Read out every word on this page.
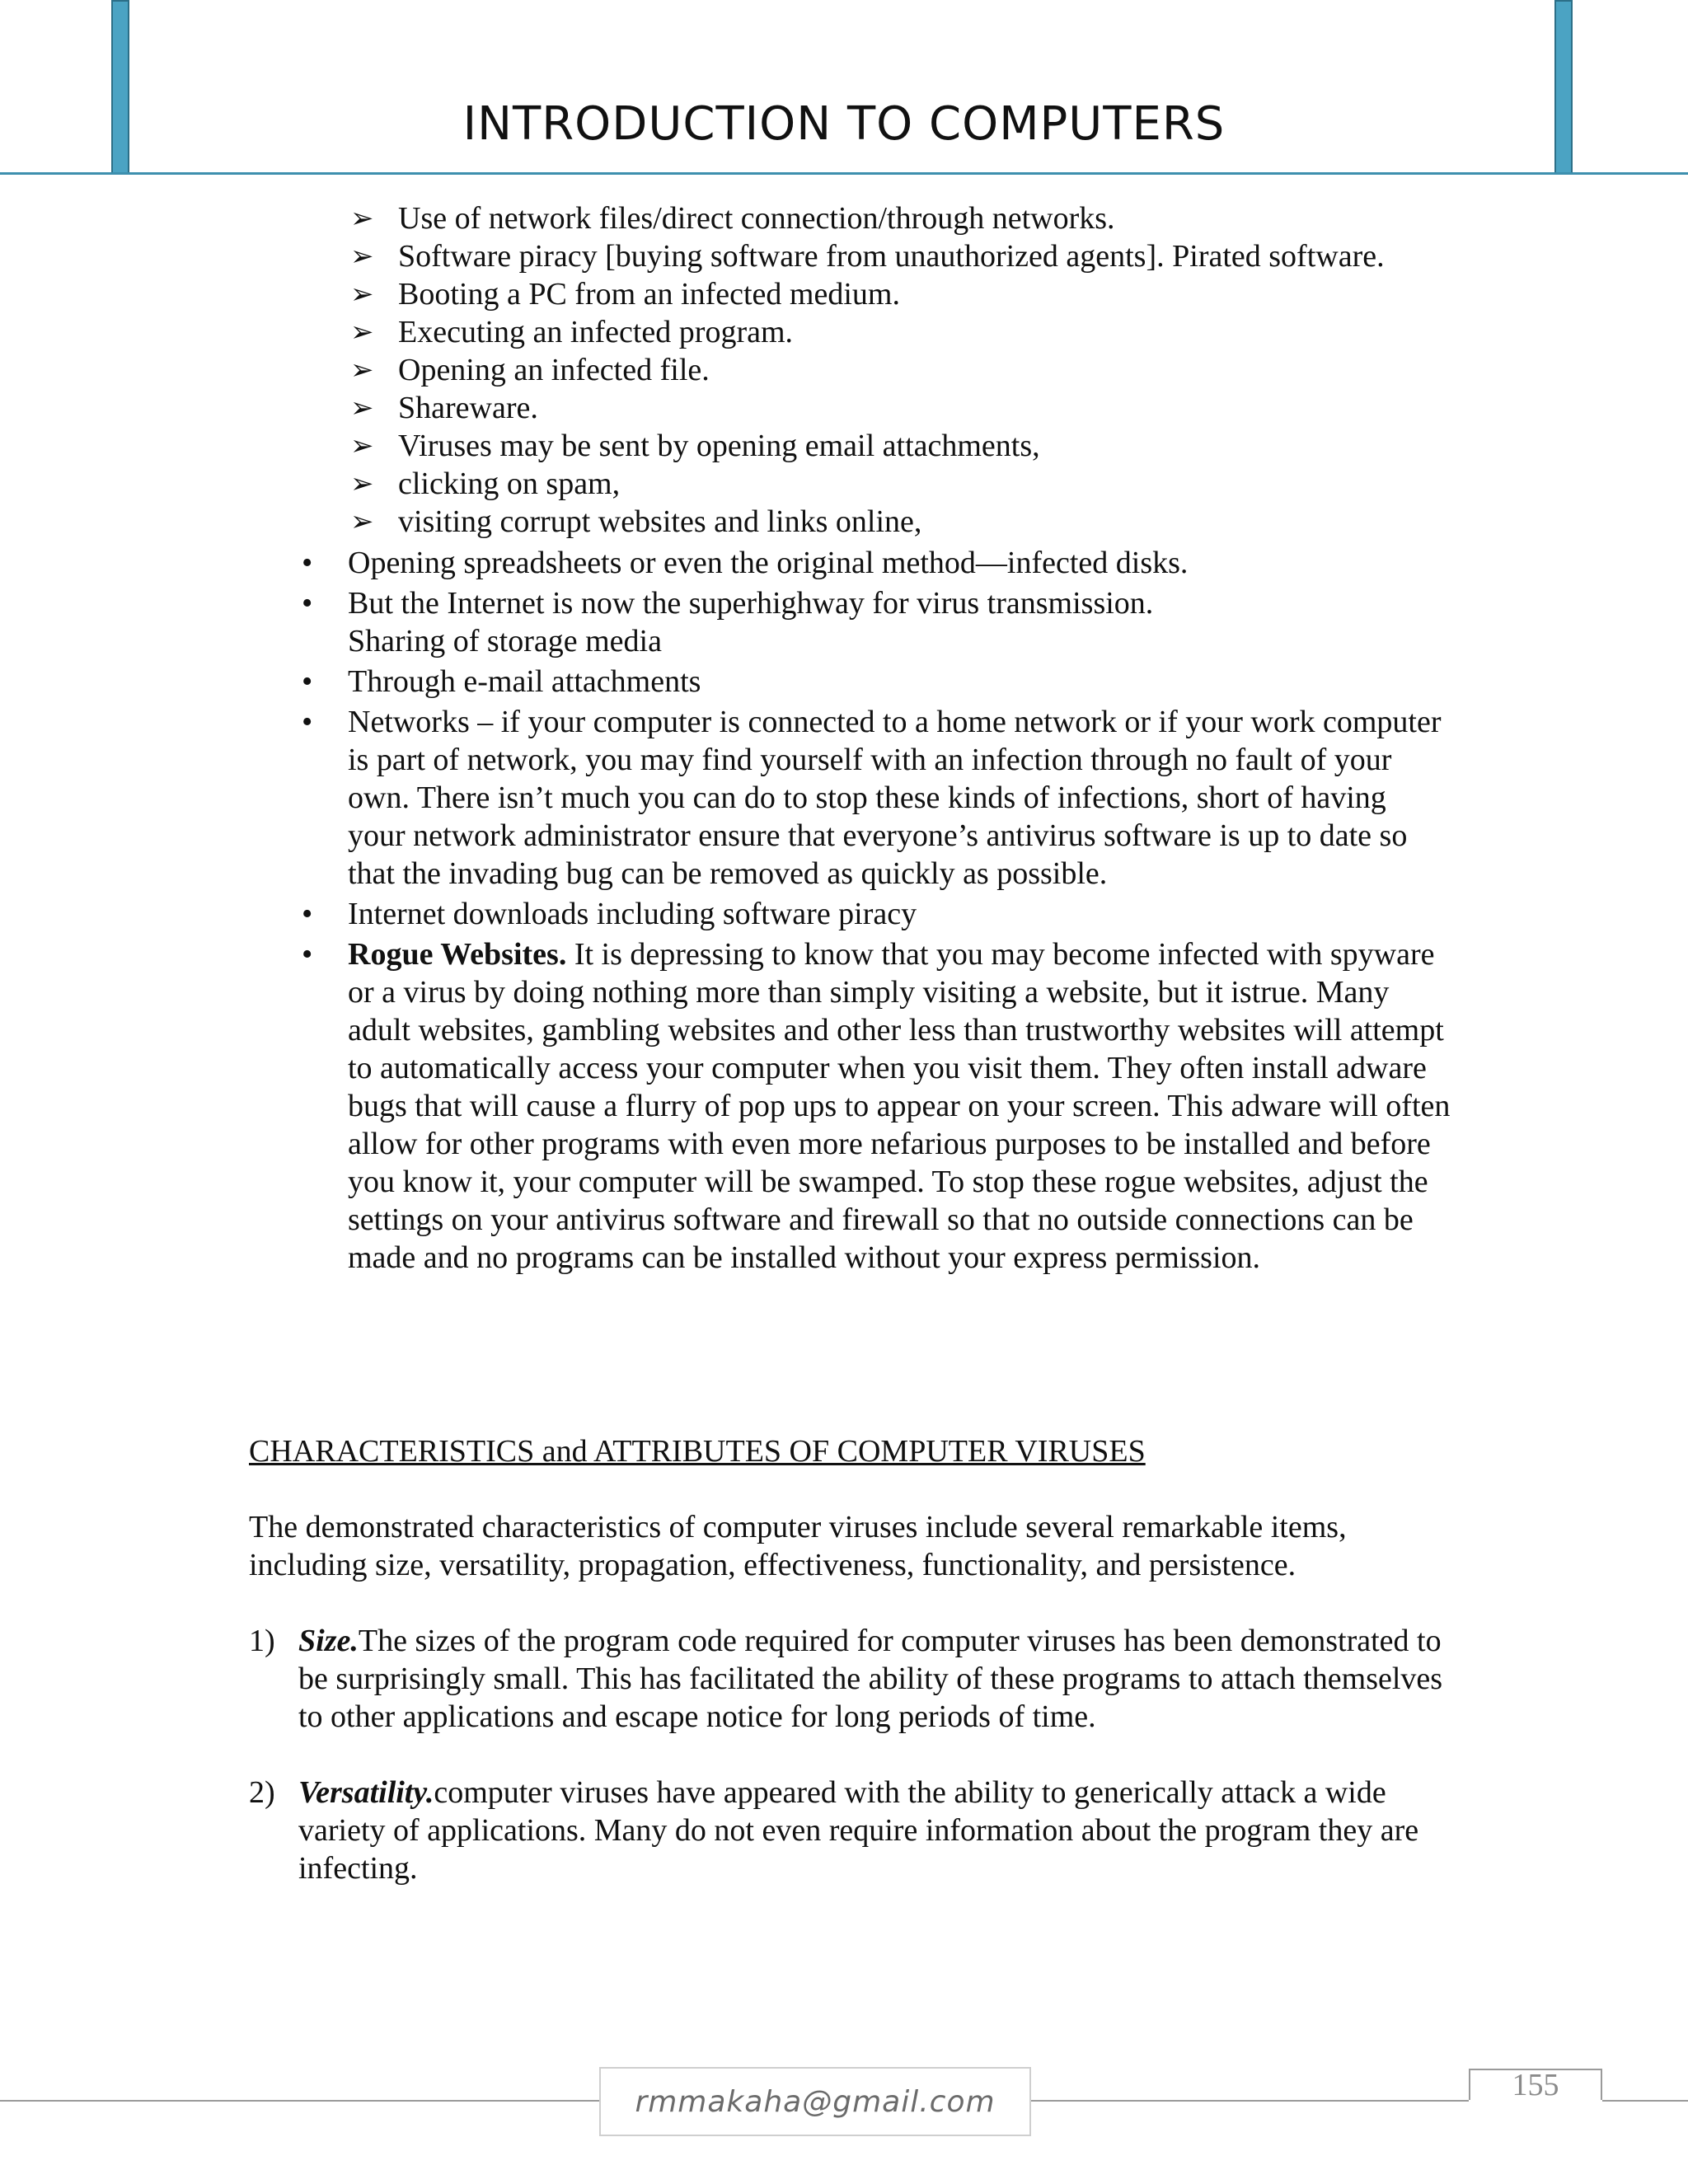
INTRODUCTION TO COMPUTERS
➢ Use of network files/direct connection/through networks.
➢ Software piracy [buying software from unauthorized agents]. Pirated software.
➢ Booting a PC from an infected medium.
➢ Executing an infected program.
➢ Opening an infected file.
➢ Shareware.
➢ Viruses may be sent by opening email attachments,
➢ clicking on spam,
➢ visiting corrupt websites and links online,
• Opening spreadsheets or even the original method—infected disks.
• But the Internet is now the superhighway for virus transmission.
Sharing of storage media
• Through e-mail attachments
• Networks – if your computer is connected to a home network or if your work computer is part of network, you may find yourself with an infection through no fault of your own. There isn’t much you can do to stop these kinds of infections, short of having your network administrator ensure that everyone’s antivirus software is up to date so that the invading bug can be removed as quickly as possible.
• Internet downloads including software piracy
• Rogue Websites. It is depressing to know that you may become infected with spyware or a virus by doing nothing more than simply visiting a website, but it istrue. Many adult websites, gambling websites and other less than trustworthy websites will attempt to automatically access your computer when you visit them. They often install adware bugs that will cause a flurry of pop ups to appear on your screen. This adware will often allow for other programs with even more nefarious purposes to be installed and before you know it, your computer will be swamped. To stop these rogue websites, adjust the settings on your antivirus software and firewall so that no outside connections can be made and no programs can be installed without your express permission.
CHARACTERISTICS and ATTRIBUTES OF COMPUTER VIRUSES
The demonstrated characteristics of computer viruses include several remarkable items, including size, versatility, propagation, effectiveness, functionality, and persistence.
1) Size.The sizes of the program code required for computer viruses has been demonstrated to be surprisingly small. This has facilitated the ability of these programs to attach themselves to other applications and escape notice for long periods of time.
2) Versatility.computer viruses have appeared with the ability to generically attack a wide variety of applications. Many do not even require information about the program they are infecting.
rmmakaha@gmail.com	155
